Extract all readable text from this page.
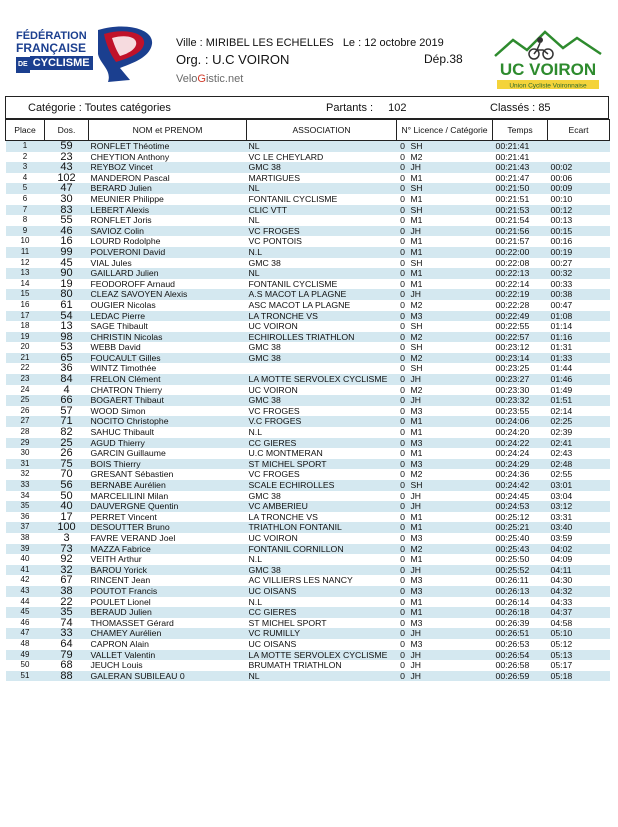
FÉDÉRATION
FRANÇAISE
DE CYCLISME
Ville : MIRIBEL LES ECHELLES Le : 12 octobre 2019
Org. : U.C VOIRON	Dép.38
VeloGistic.net	UC VOIRON
Union Cycliste Voironnaise
Catégorie : Toutes catégories	Partants : 102	Classés : 85
Place	Dos.	NOM et PRENOM	ASSOCIATION	N° Licence / Catégorie		Temps	Ecart
1	59	RONFLET Théotime	NL	0	SH	00:21:41	
2	23	CHEYTION Anthony	VC LE CHEYLARD	0	M2	00:21:41	
3	43	REYBOZ Vincet	GMC 38	0	JH	00:21:43	00:02
4	102	MANDERON Pascal	MARTIGUES	0	M1	00:21:47	00:06
5	47	BERARD Julien	NL	0	SH	00:21:50	00:09
6	30	MEUNIER Philippe	FONTANIL CYCLISME	0	M1	00:21:51	00:10
7	83	LEBERT Alexis	CLIC VTT	0	SH	00:21:53	00:12
8	55	RONFLET Joris	NL	0	M1	00:21:54	00:13
9	46	SAVIOZ Colin	VC FROGES	0	JH	00:21:56	00:15
10	16	LOURD Rodolphe	VC PONTOIS	0	M1	00:21:57	00:16
11	99	POLVERONI David	N.L	0	M1	00:22:00	00:19
12	45	VIAL Jules	GMC 38	0	SH	00:22:08	00:27
13	90	GAILLARD Julien	NL	0	M1	00:22:13	00:32
14	19	FEODOROFF Arnaud	FONTANIL CYCLISME	0	M1	00:22:14	00:33
15	80	CLEAZ SAVOYEN Alexis	A.S MACOT LA PLAGNE	0	JH	00:22:19	00:38
16	61	OUGIER Nicolas	ASC MACOT LA PLAGNE	0	M2	00:22:28	00:47
17	54	LEDAC Pierre	LA TRONCHE VS	0	M3	00:22:49	01:08
18	13	SAGE Thibault	UC VOIRON	0	SH	00:22:55	01:14
19	98	CHRISTIN Nicolas	ECHIROLLES TRIATHLON	0	M2	00:22:57	01:16
20	53	WEBB David	GMC 38	0	SH	00:23:12	01:31
21	65	FOUCAULT Gilles	GMC 38	0	M2	00:23:14	01:33
22	36	WINTZ Timothée		0	SH	00:23:25	01:44
23	84	FRELON Clément	LA MOTTE SERVOLEX CYCLISME	0	JH	00:23:27	01:46
24	4	CHATRON Thierry	UC VOIRON	0	M2	00:23:30	01:49
25	66	BOGAERT Thibaut	GMC 38	0	JH	00:23:32	01:51
26	57	WOOD Simon	VC FROGES	0	M3	00:23:55	02:14
27	71	NOCITO Christophe	V.C FROGES	0	M1	00:24:06	02:25
28	82	SAHUC Thibault	N.L	0	M1	00:24:20	02:39
29	25	AGUD Thierry	CC GIERES	0	M3	00:24:22	02:41
30	26	GARCIN Guillaume	U.C MONTMERAN	0	M1	00:24:24	02:43
31	75	BOIS Thierry	ST MICHEL SPORT	0	M3	00:24:29	02:48
32	70	GRESANT Sébastien	VC FROGES	0	M2	00:24:36	02:55
33	56	BERNABE Aurélien	SCALE ECHIROLLES	0	SH	00:24:42	03:01
34	50	MARCELILINI Milan	GMC 38	0	JH	00:24:45	03:04
35	40	DAUVERGNE Quentin	VC AMBERIEU	0	JH	00:24:53	03:12
36	17	PERRET Vincent	LA TRONCHE VS	0	M1	00:25:12	03:31
37	100	DESOUTTER Bruno	TRIATHLON FONTANIL	0	M1	00:25:21	03:40
38	3	FAVRE VERAND Joel	UC VOIRON	0	M3	00:25:40	03:59
39	73	MAZZA Fabrice	FONTANIL CORNILLON	0	M2	00:25:43	04:02
40	92	VEITH Arthur	N.L	0	M1	00:25:50	04:09
41	32	BAROU Yorick	GMC 38	0	JH	00:25:52	04:11
42	67	RINCENT Jean	AC VILLIERS LES NANCY	0	M3	00:26:11	04:30
43	38	POUTOT Francis	UC OISANS	0	M3	00:26:13	04:32
44	22	POULET Lionel	N.L	0	M1	00:26:14	04:33
45	35	BERAUD Julien	CC GIERES	0	M1	00:26:18	04:37
46	74	THOMASSET Gérard	ST MICHEL SPORT	0	M3	00:26:39	04:58
47	33	CHAMEY Aurélien	VC RUMILLY	0	JH	00:26:51	05:10
48	64	CAPRON Alain	UC OISANS	0	M3	00:26:53	05:12
49	79	VALLET Valentin	LA MOTTE SERVOLEX CYCLISME	0	JH	00:26:54	05:13
50	68	JEUCH Louis	BRUMATH TRIATHLON	0	JH	00:26:58	05:17
51	88	GALERAN SUBILEAU 0	NL	0	JH	00:26:59	05:18
